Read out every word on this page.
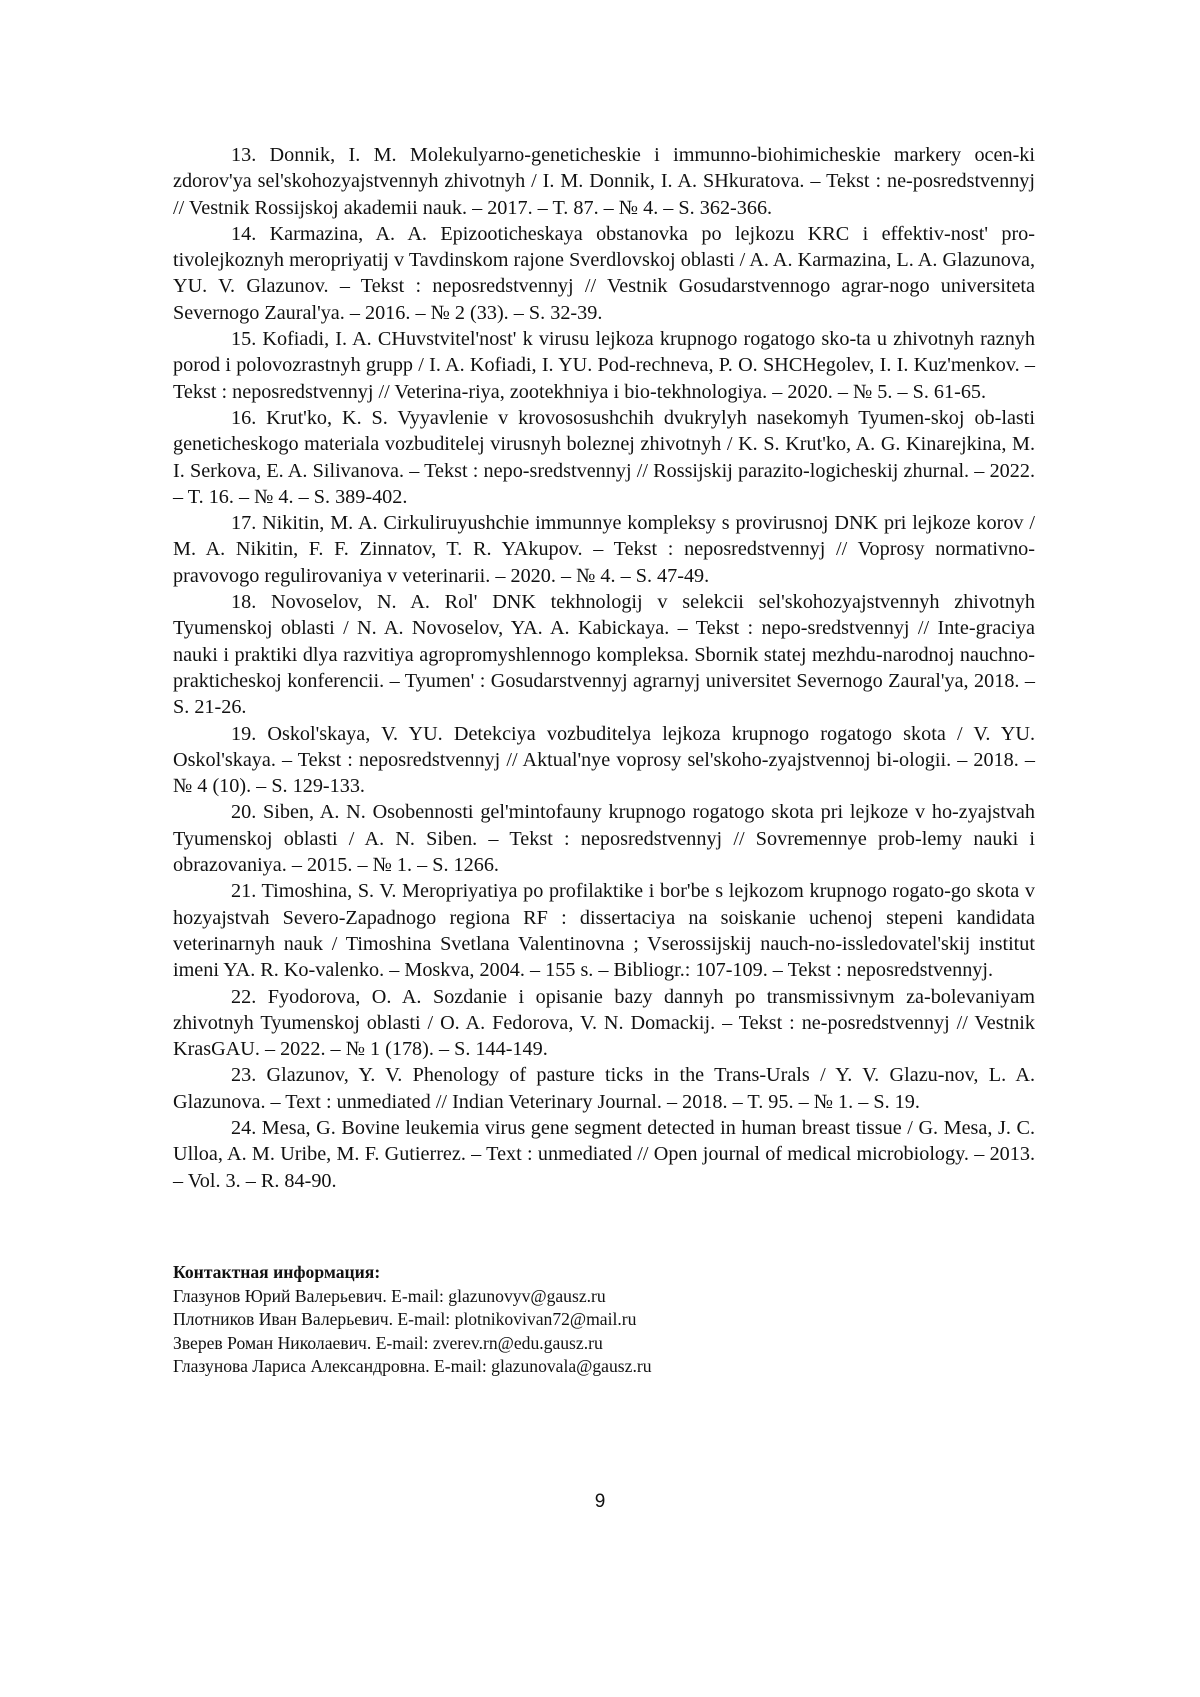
13. Donnik, I. M. Molekulyarno-geneticheskie i immunno-biohimicheskie markery ocen-ki zdorov'ya sel'skohozyajstvennyh zhivotnyh / I. M. Donnik, I. A. SHkuratova. – Tekst : ne-posredstvennyj // Vestnik Rossijskoj akademii nauk. – 2017. – T. 87. – № 4. – S. 362-366.

14. Karmazina, A. A. Epizooticheskaya obstanovka po lejkozu KRC i effektiv-nost' pro-tivolejkoznyh meropriyatij v Tavdinskom rajone Sverdlovskoj oblasti / A. A. Karmazina, L. A. Glazunova, YU. V. Glazunov. – Tekst : neposredstvennyj // Vestnik Gosudarstvennogo agrar-nogo universiteta Severnogo Zaural'ya. – 2016. – № 2 (33). – S. 32-39.

15. Kofiadi, I. A. CHuvstvitel'nost' k virusu lejkoza krupnogo rogatogo sko-ta u zhivotnyh raznyh porod i polovozrastnyh grupp / I. A. Kofiadi, I. YU. Pod-rechneva, P. O. SHCHegolev, I. I. Kuz'menkov. – Tekst : neposredstvennyj // Veterina-riya, zootekhniya i bio-tekhnologiya. – 2020. – № 5. – S. 61-65.

16. Krut'ko, K. S. Vyyavlenie v krovososushchih dvukrylyh nasekomyh Tyumen-skoj ob-lasti geneticheskogo materiala vozbuditelej virusnyh boleznej zhivotnyh / K. S. Krut'ko, A. G. Kinarejkina, M. I. Serkova, E. A. Silivanova. – Tekst : nepo-sredstvennyj // Rossijskij parazito-logicheskij zhurnal. – 2022. – T. 16. – № 4. – S. 389-402.

17. Nikitin, M. A. Cirkuliruyushchie immunnye kompleksy s provirusnoj DNK pri lejkoze korov / M. A. Nikitin, F. F. Zinnatov, T. R. YAkupov. – Tekst : neposredstvennyj // Voprosy normativno-pravovogo regulirovaniya v veterinarii. – 2020. – № 4. – S. 47-49.

18. Novoselov, N. A. Rol' DNK tekhnologij v selekcii sel'skohozyajstvennyh zhivotnyh Tyumenskoj oblasti / N. A. Novoselov, YA. A. Kabickaya. – Tekst : nepo-sredstvennyj // Inte-graciya nauki i praktiki dlya razvitiya agropromyshlennogo kompleksa. Sbornik statej mezhdu-narodnoj nauchno-prakticheskoj konferencii. – Tyumen' : Gosudarstvennyj agrarnyj universitet Severnogo Zaural'ya, 2018. – S. 21-26.

19. Oskol'skaya, V. YU. Detekciya vozbuditelya lejkoza krupnogo rogatogo skota / V. YU. Oskol'skaya. – Tekst : neposredstvennyj // Aktual'nye voprosy sel'skoho-zyajstvennoj bi-ologii. – 2018. – № 4 (10). – S. 129-133.

20. Siben, A. N. Osobennosti gel'mintofauny krupnogo rogatogo skota pri lejkoze v ho-zyajstvah Tyumenskoj oblasti / A. N. Siben. – Tekst : neposredstvennyj // Sovremennye prob-lemy nauki i obrazovaniya. – 2015. – № 1. – S. 1266.

21. Timoshina, S. V. Meropriyatiya po profilaktike i bor'be s lejkozom krupnogo rogato-go skota v hozyajstvah Severo-Zapadnogo regiona RF : dissertaciya na soiskanie uchenoj stepeni kandidata veterinarnyh nauk / Timoshina Svetlana Valentinovna ; Vserossijskij nauch-no-issledovatel'skij institut imeni YA. R. Ko-valenko. – Moskva, 2004. – 155 s. – Bibliogr.: 107-109. – Tekst : neposredstvennyj.

22. Fyodorova, O. A. Sozdanie i opisanie bazy dannyh po transmissivnym za-bolevaniyam zhivotnyh Tyumenskoj oblasti / O. A. Fedorova, V. N. Domackij. – Tekst : ne-posredstvennyj // Vestnik KrasGAU. – 2022. – № 1 (178). – S. 144-149.

23. Glazunov, Y. V. Phenology of pasture ticks in the Trans-Urals / Y. V. Glazu-nov, L. A. Glazunova. – Text : unmediated // Indian Veterinary Journal. – 2018. – T. 95. – № 1. – S. 19.

24. Mesa, G. Bovine leukemia virus gene segment detected in human breast tissue / G. Mesa, J. C. Ulloa, A. M. Uribe, M. F. Gutierrez. – Text : unmediated // Open journal of medical microbiology. – 2013. – Vol. 3. – R. 84-90.

Контактная информация:

Глазунов Юрий Валерьевич. E-mail: glazunovyv@gausz.ru

Плотников Иван Валерьевич. E-mail: plotnikovivan72@mail.ru

Зверев Роман Николаевич. E-mail: zverev.rn@edu.gausz.ru

Глазунова Лариса Александровна. E-mail: glazunovala@gausz.ru

9
